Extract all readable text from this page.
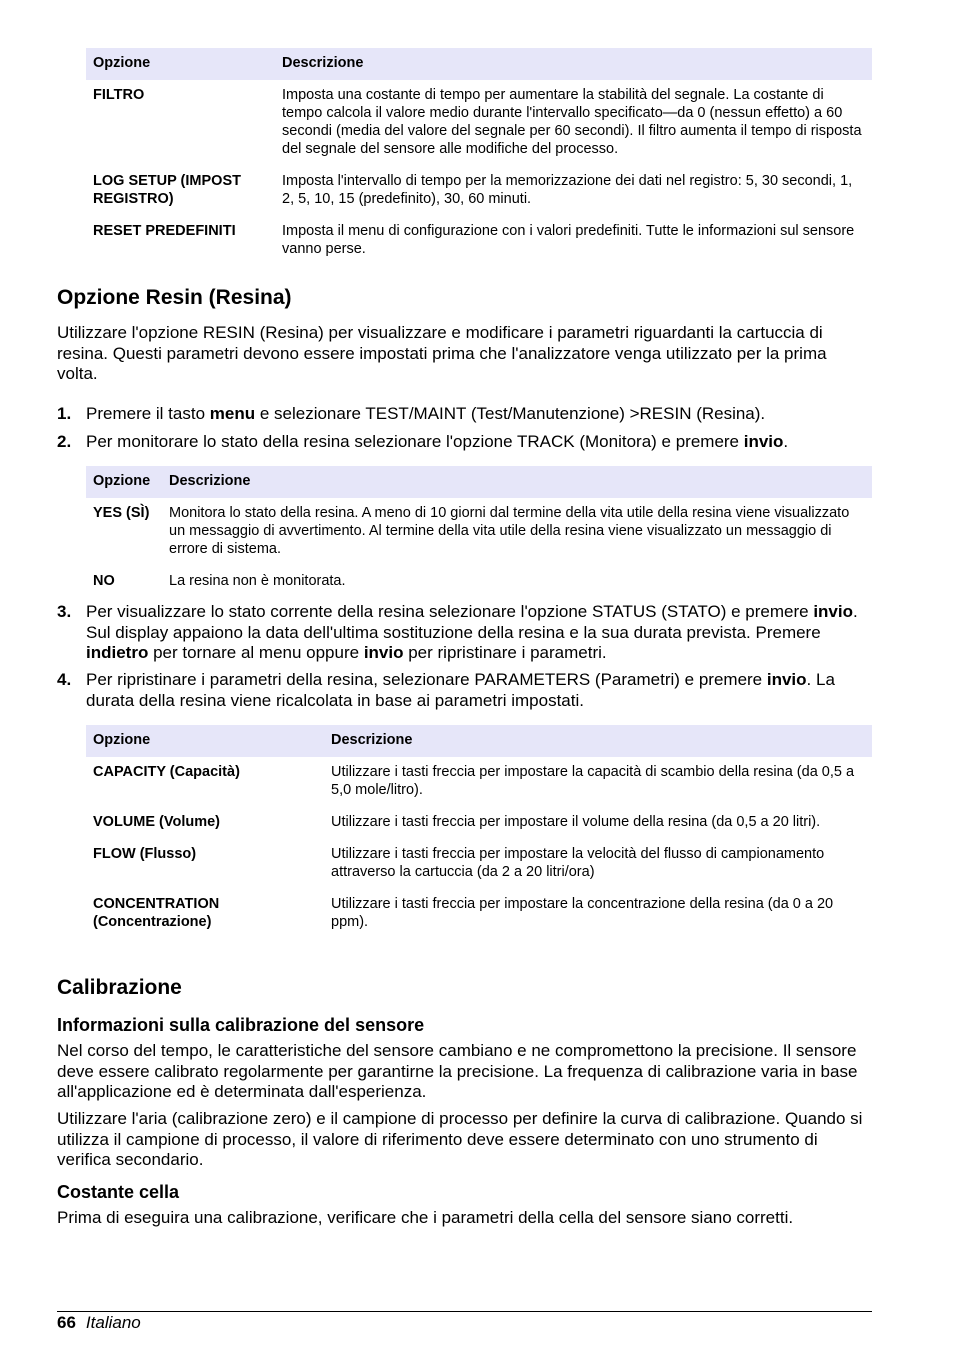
Opzione	Descrizione
FILTRO	Imposta una costante di tempo per aumentare la stabilità del segnale. La costante di tempo calcola il valore medio durante l'intervallo specificato—da 0 (nessun effetto) a 60 secondi (media del valore del segnale per 60 secondi). Il filtro aumenta il tempo di risposta del segnale del sensore alle modifiche del processo.
LOG SETUP (IMPOST REGISTRO)	Imposta l'intervallo di tempo per la memorizzazione dei dati nel registro: 5, 30 secondi, 1, 2, 5, 10, 15 (predefinito), 30, 60 minuti.
RESET PREDEFINITI	Imposta il menu di configurazione con i valori predefiniti. Tutte le informazioni sul sensore vanno perse.
Opzione Resin (Resina)

Utilizzare l'opzione RESIN (Resina) per visualizzare e modificare i parametri riguardanti la cartuccia di resina. Questi parametri devono essere impostati prima che l'analizzatore venga utilizzato per la prima volta.

1. Premere il tasto menu e selezionare TEST/MAINT (Test/Manutenzione) >RESIN (Resina).
2. Per monitorare lo stato della resina selezionare l'opzione TRACK (Monitora) e premere invio.
Opzione	Descrizione
YES (SÌ)	Monitora lo stato della resina. A meno di 10 giorni dal termine della vita utile della resina viene visualizzato un messaggio di avvertimento. Al termine della vita utile della resina viene visualizzato un messaggio di errore di sistema.
NO	La resina non è monitorata.
3. Per visualizzare lo stato corrente della resina selezionare l'opzione STATUS (STATO) e premere invio. Sul display appaiono la data dell'ultima sostituzione della resina e la sua durata prevista. Premere indietro per tornare al menu oppure invio per ripristinare i parametri.
4. Per ripristinare i parametri della resina, selezionare PARAMETERS (Parametri) e premere invio. La durata della resina viene ricalcolata in base ai parametri impostati.
Opzione	Descrizione
CAPACITY (Capacità)	Utilizzare i tasti freccia per impostare la capacità di scambio della resina (da 0,5 a 5,0 mole/litro).
VOLUME (Volume)	Utilizzare i tasti freccia per impostare il volume della resina (da 0,5 a 20 litri).
FLOW (Flusso)	Utilizzare i tasti freccia per impostare la velocità del flusso di campionamento attraverso la cartuccia (da 2 a 20 litri/ora)
CONCENTRATION (Concentrazione)	Utilizzare i tasti freccia per impostare la concentrazione della resina (da 0 a 20 ppm).
Calibrazione
Informazioni sulla calibrazione del sensore

Nel corso del tempo, le caratteristiche del sensore cambiano e ne compromettono la precisione. Il sensore deve essere calibrato regolarmente per garantirne la precisione. La frequenza di calibrazione varia in base all'applicazione ed è determinata dall'esperienza.

Utilizzare l'aria (calibrazione zero) e il campione di processo per definire la curva di calibrazione. Quando si utilizza il campione di processo, il valore di riferimento deve essere determinato con uno strumento di verifica secondario.

Costante cella

Prima di eseguira una calibrazione, verificare che i parametri della cella del sensore siano corretti.

66 Italiano
